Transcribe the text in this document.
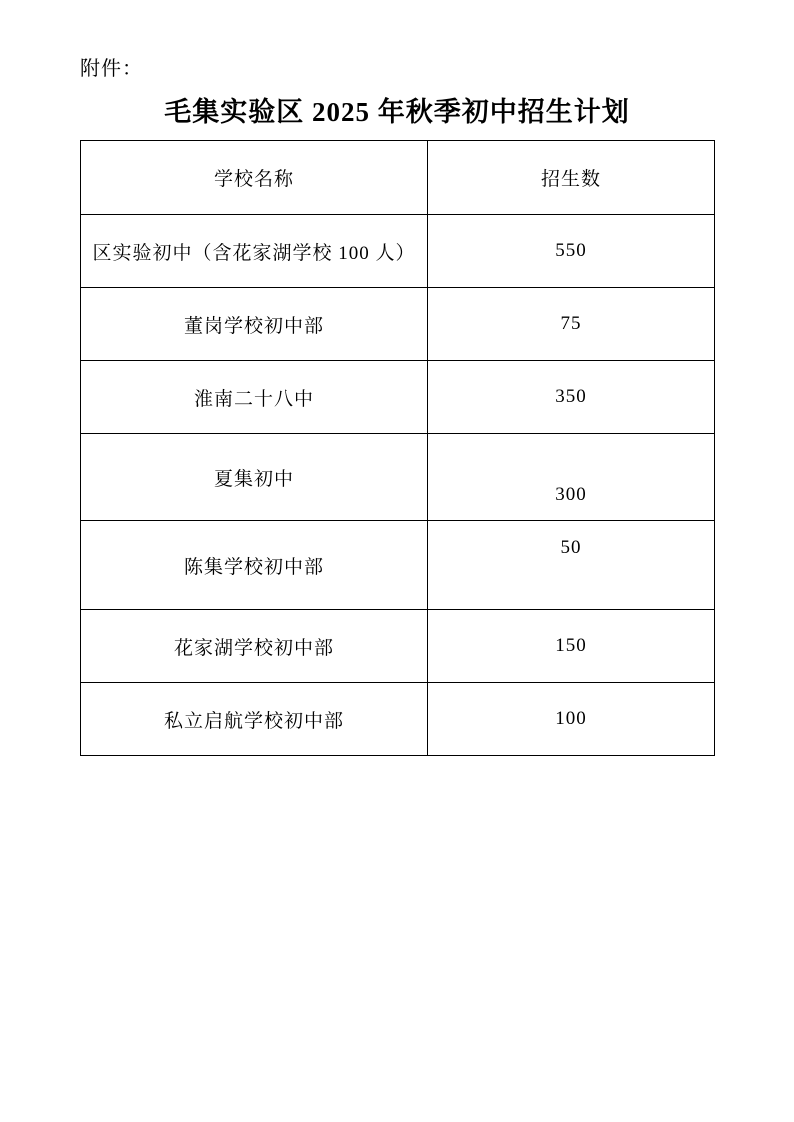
附件：
毛集实验区 2025 年秋季初中招生计划
学校名称	招生数
区实验初中（含花家湖学校 100 人）	550
董岗学校初中部	75
淮南二十八中	350
夏集初中	300
陈集学校初中部	50
花家湖学校初中部	150
私立启航学校初中部	100
